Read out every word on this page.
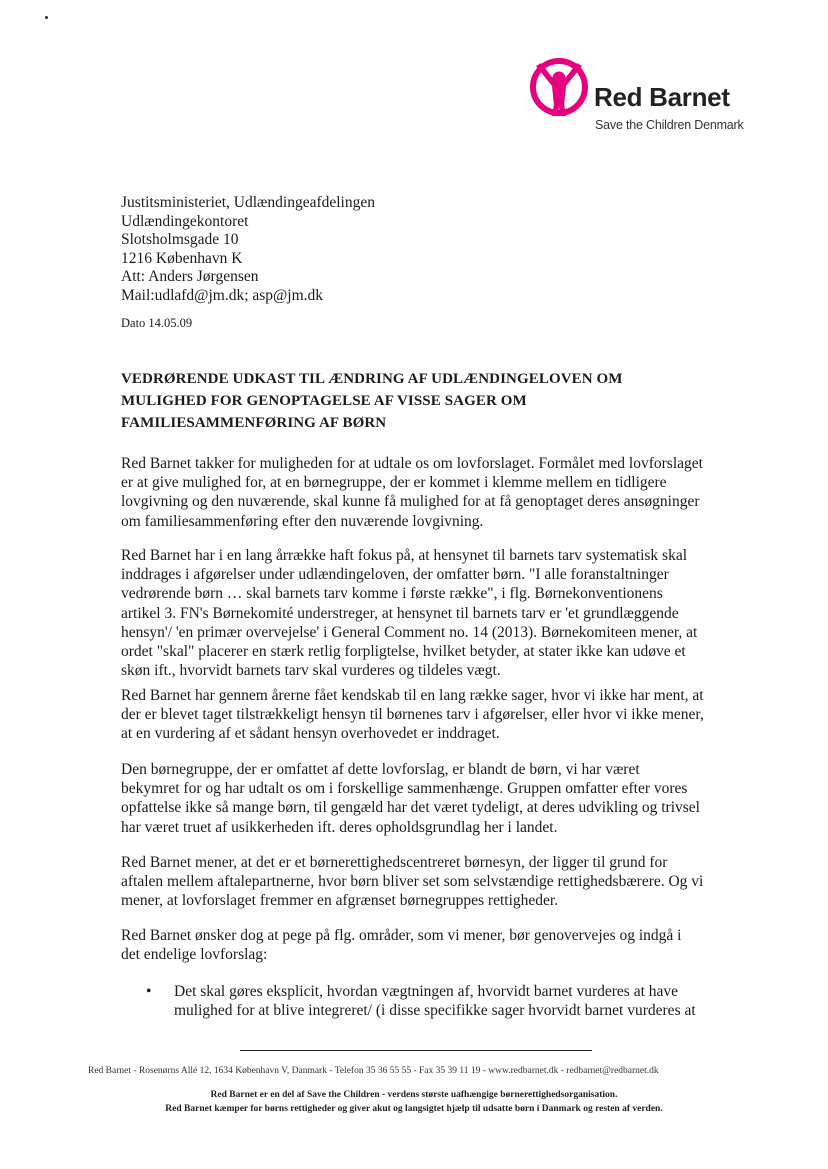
Red Barnet
Save the Children Denmark
Justitsministeriet, Udlændingeafdelingen
Udlændingekontoret
Slotsholmsgade 10
1216 København K
Att: Anders Jørgensen
Mail:udlafd@jm.dk; asp@jm.dk
Dato 14.05.09
VEDRØRENDE UDKAST TIL ÆNDRING AF UDLÆNDINGELOVEN OM
MULIGHED FOR GENOPTAGELSE AF VISSE SAGER OM
FAMILIESAMMENFØRING AF BØRN
Red Barnet takker for muligheden for at udtale os om lovforslaget. Formålet med lovforslaget
er at give mulighed for, at en børnegruppe, der er kommet i klemme mellem en tidligere
lovgivning og den nuværende, skal kunne få mulighed for at få genoptaget deres ansøgninger
om familiesammenføring efter den nuværende lovgivning.
Red Barnet har i en lang årrække haft fokus på, at hensynet til barnets tarv systematisk skal
inddrages i afgørelser under udlændingeloven, der omfatter børn. "I alle foranstaltninger
vedrørende børn … skal barnets tarv komme i første række", i flg. Børnekonventionens
artikel 3. FN's Børnekomité understreger, at hensynet til barnets tarv er 'et grundlæggende
hensyn'/ 'en primær overvejelse' i General Comment no. 14 (2013). Børnekomiteen mener, at
ordet "skal" placerer en stærk retlig forpligtelse, hvilket betyder, at stater ikke kan udøve et
skøn ift., hvorvidt barnets tarv skal vurderes og tildeles vægt.
Red Barnet har gennem årerne fået kendskab til en lang række sager, hvor vi ikke har ment, at
der er blevet taget tilstrækkeligt hensyn til børnenes tarv i afgørelser, eller hvor vi ikke mener,
at en vurdering af et sådant hensyn overhovedet er inddraget.
Den børnegruppe, der er omfattet af dette lovforslag, er blandt de børn, vi har været
bekymret for og har udtalt os om i forskellige sammenhænge. Gruppen omfatter efter vores
opfattelse ikke så mange børn, til gengæld har det været tydeligt, at deres udvikling og trivsel
har været truet af usikkerheden ift. deres opholdsgrundlag her i landet.
Red Barnet mener, at det er et børnerettighedscentreret børnesyn, der ligger til grund for
aftalen mellem aftalepartnerne, hvor børn bliver set som selvstændige rettighedsbærere. Og vi
mener, at lovforslaget fremmer en afgrænset børnegruppes rettigheder.
Red Barnet ønsker dog at pege på flg. områder, som vi mener, bør genovervejes og indgå i
det endelige lovforslag:
•	Det skal gøres eksplicit, hvordan vægtningen af, hvorvidt barnet vurderes at have
mulighed for at blive integreret/ (i disse specifikke sager hvorvidt barnet vurderes at
Red Barnet - Rosenørns Allé 12, 1634 København V, Danmark - Telefon 35 36 55 55 - Fax 35 39 11 19 - www.redbarnet.dk - redbarnet@redbarnet.dk
Red Barnet er en del af Save the Children - verdens største uafhængige børnerettighedsorganisation.
Red Barnet kæmper for børns rettigheder og giver akut og langsigtet hjælp til udsatte børn i Danmark og resten af verden.
